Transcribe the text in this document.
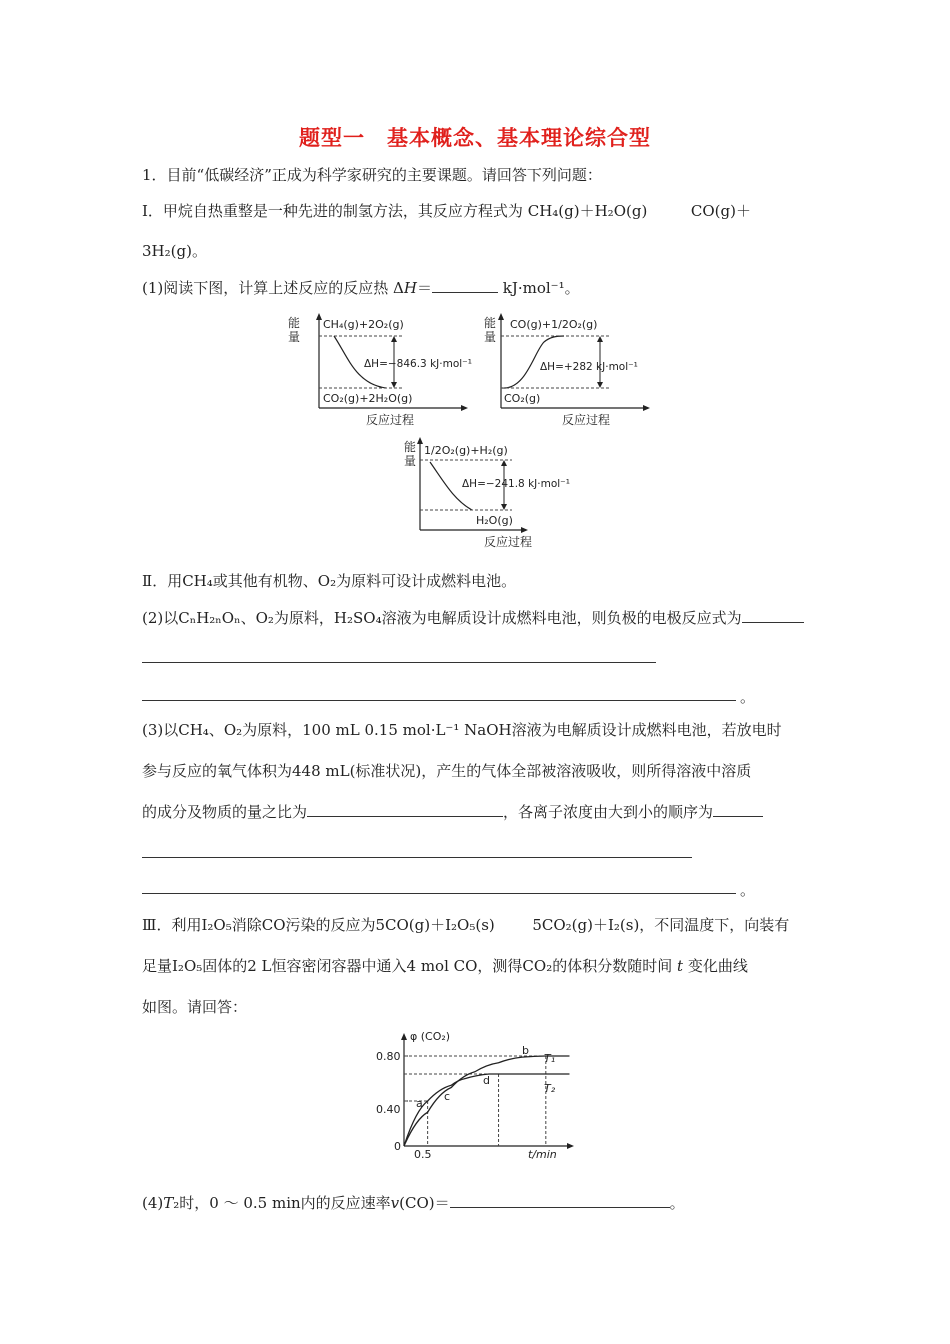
题型一　基本概念、基本理论综合型
1．目前“低碳经济”正成为科学家研究的主要课题。请回答下列问题：
Ⅰ．甲烷自热重整是一种先进的制氢方法，其反应方程式为 CH₄(g)＋H₂O(g)	CO(g)＋
3H₂(g)。
(1)阅读下图，计算上述反应的反应热 ΔH＝	kJ·mol⁻¹。
能
量
CH₄(g)+2O₂(g)
ΔH=−846.3 kJ·mol⁻¹
CO₂(g)+2H₂O(g)
反应过程
能
量
CO(g)+1/2O₂(g)
ΔH=+282 kJ·mol⁻¹
CO₂(g)
反应过程
能
量
1/2O₂(g)+H₂(g)
ΔH=−241.8 kJ·mol⁻¹
H₂O(g)
反应过程
Ⅱ．用CH₄或其他有机物、O₂为原料可设计成燃料电池。
(2)以CₙH₂ₙOₙ、O₂为原料，H₂SO₄溶液为电解质设计成燃料电池，则负极的电极反应式为
。
(3)以CH₄、O₂为原料，100 mL 0.15 mol·L⁻¹ NaOH溶液为电解质设计成燃料电池，若放电时
参与反应的氧气体积为448 mL(标准状况)，产生的气体全部被溶液吸收，则所得溶液中溶质
的成分及物质的量之比为	，各离子浓度由大到小的顺序为
。
Ⅲ．利用I₂O₅消除CO污染的反应为5CO(g)＋I₂O₅(s)	5CO₂(g)＋I₂(s)，不同温度下，向装有
足量I₂O₅固体的2 L恒容密闭容器中通入4 mol CO，测得CO₂的体积分数随时间 t 变化曲线
如图。请回答：
φ (CO₂)
t/min
0.80
0.40
0
0.5
T₁
T₂
a
b
c
d
(4)T₂时，0 ～ 0.5 min内的反应速率v(CO)＝	。
